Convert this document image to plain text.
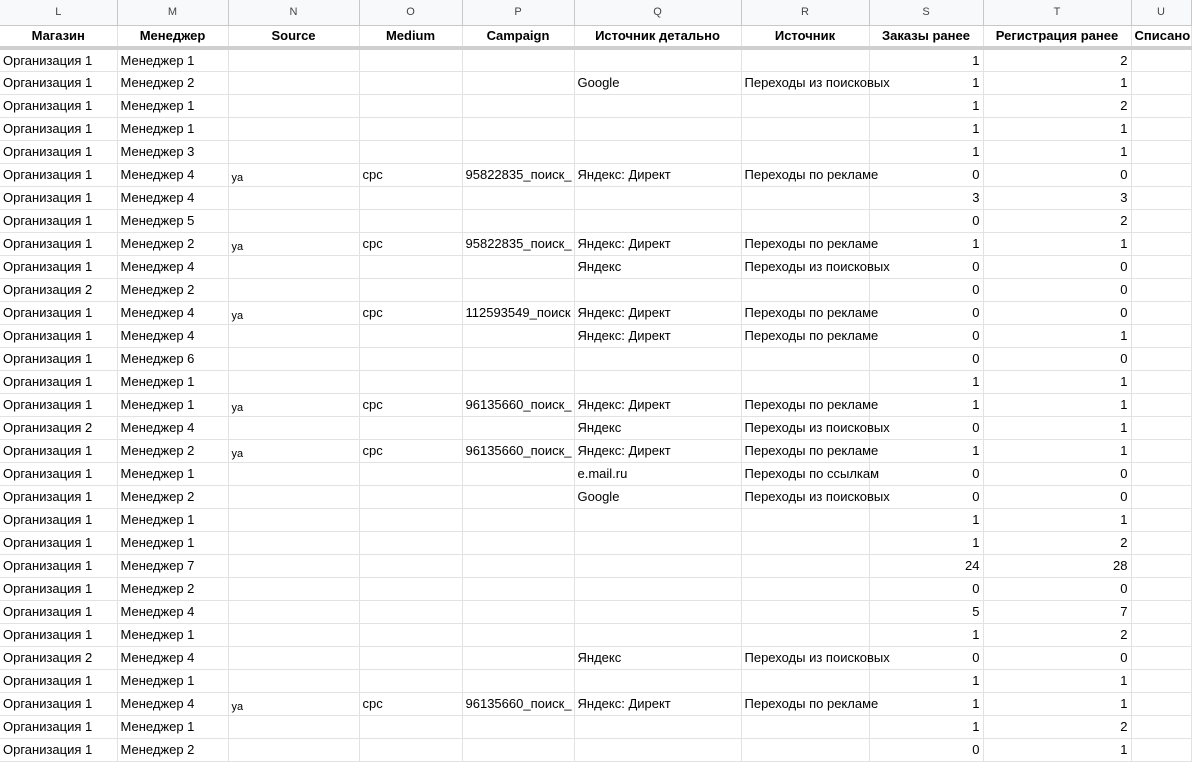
L	M	N	O	P	Q	R	S	T	U
Магазин	Менеджер	Source	Medium	Campaign	Источник детально	Источник	Заказы ранее	Регистрация ранее	Списано
Организация 1	Менеджер 1						1	2	
Организация 1	Менеджер 2				Google	Переходы из поисковых	1	1	
Организация 1	Менеджер 1						1	2	
Организация 1	Менеджер 1						1	1	
Организация 1	Менеджер 3						1	1	
Организация 1	Менеджер 4	ya	cpc	95822835_поиск_	Яндекс: Директ	Переходы по рекламе	0	0	
Организация 1	Менеджер 4						3	3	
Организация 1	Менеджер 5						0	2	
Организация 1	Менеджер 2	ya	cpc	95822835_поиск_	Яндекс: Директ	Переходы по рекламе	1	1	
Организация 1	Менеджер 4				Яндекс	Переходы из поисковых	0	0	
Организация 2	Менеджер 2						0	0	
Организация 1	Менеджер 4	ya	cpc	112593549_поиск	Яндекс: Директ	Переходы по рекламе	0	0	
Организация 1	Менеджер 4				Яндекс: Директ	Переходы по рекламе	0	1	
Организация 1	Менеджер 6						0	0	
Организация 1	Менеджер 1						1	1	
Организация 1	Менеджер 1	ya	cpc	96135660_поиск_	Яндекс: Директ	Переходы по рекламе	1	1	
Организация 2	Менеджер 4				Яндекс	Переходы из поисковых	0	1	
Организация 1	Менеджер 2	ya	cpc	96135660_поиск_	Яндекс: Директ	Переходы по рекламе	1	1	
Организация 1	Менеджер 1				e.mail.ru	Переходы по ссылкам	0	0	
Организация 1	Менеджер 2				Google	Переходы из поисковых	0	0	
Организация 1	Менеджер 1						1	1	
Организация 1	Менеджер 1						1	2	
Организация 1	Менеджер 7						24	28	
Организация 1	Менеджер 2						0	0	
Организация 1	Менеджер 4						5	7	
Организация 1	Менеджер 1						1	2	
Организация 2	Менеджер 4				Яндекс	Переходы из поисковых	0	0	
Организация 1	Менеджер 1						1	1	
Организация 1	Менеджер 4	ya	cpc	96135660_поиск_	Яндекс: Директ	Переходы по рекламе	1	1	
Организация 1	Менеджер 1						1	2	
Организация 1	Менеджер 2						0	1	
